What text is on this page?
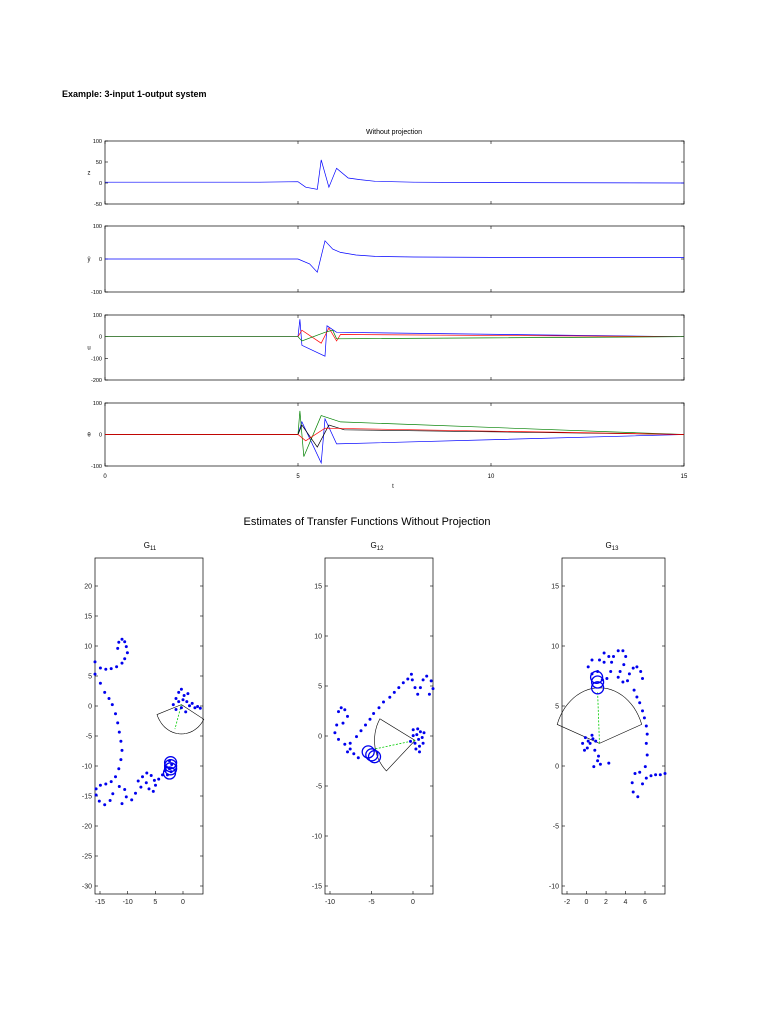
Example: 3-input 1-output system
Without projection
100
50
0
-50
z
100
0
-100
ŷ
100
0
-100
-200
u
100
0
-100
θ
0	5	10	15
t
Estimates of Transfer Functions Without Projection
$G_{11}$
20
15
10
5
0
-5
-10
-15
-20
-25
-30
-15	-10	5	0
$G_{12}$
15
10
5
0
-5
-10
-15
-10	-5	0
$G_{13}$
15
10
5
0
-5
-10
-2 0 2 4 6
